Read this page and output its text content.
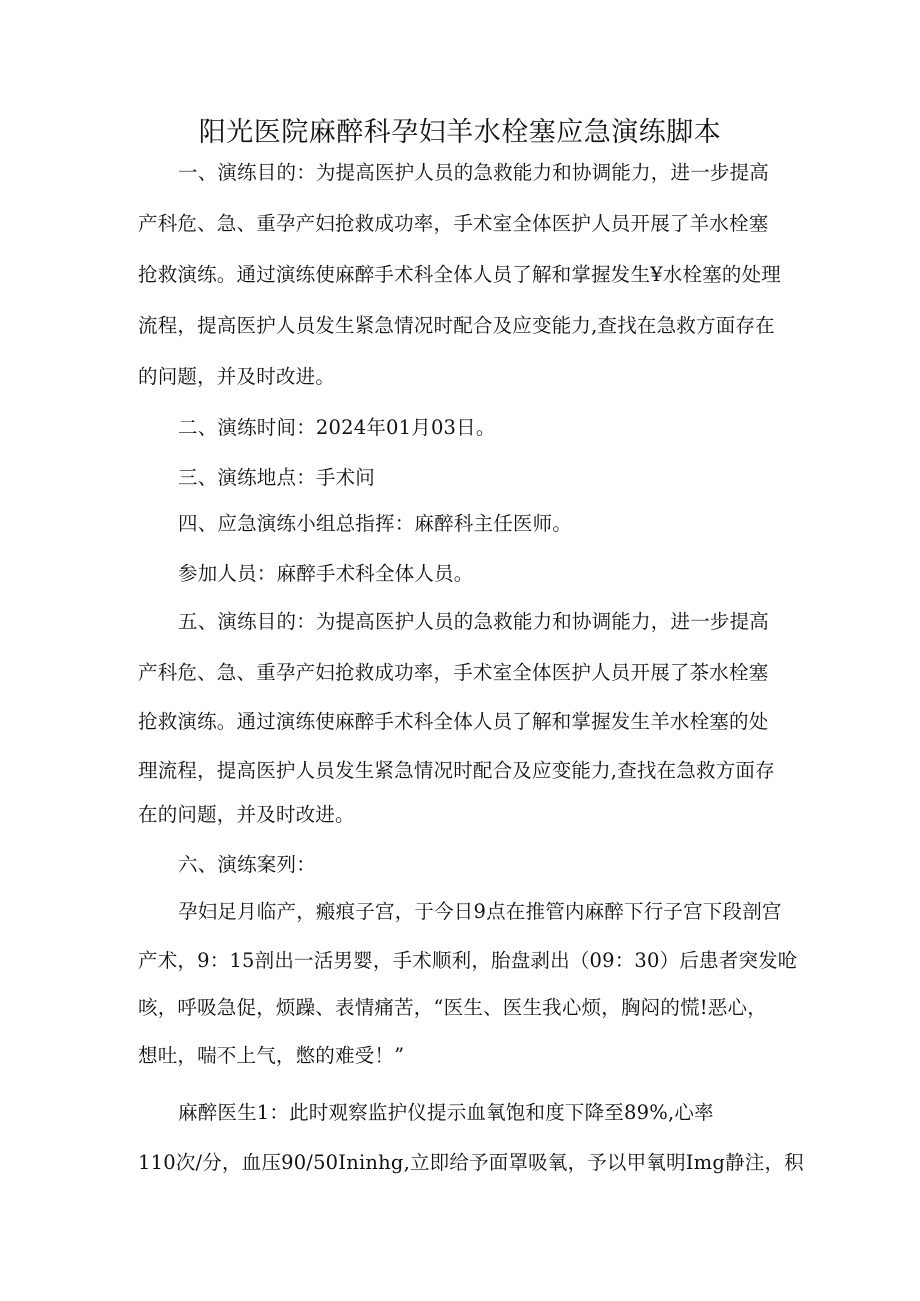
阳光医院麻醉科孕妇羊水栓塞应急演练脚本

一、演练目的：为提高医护人员的急救能力和协调能力，进一步提高

产科危、急、重孕产妇抢救成功率，手术室全体医护人员开展了羊水栓塞

抢救演练。通过演练使麻醉手术科全体人员了解和掌握发生¥水栓塞的处理

流程，提高医护人员发生紧急情况时配合及应变能力,查找在急救方面存在

的问题，并及时改进。

二、演练时间：2024年01月03日。

三、演练地点：手术问

四、应急演练小组总指挥：麻醉科主任医师。

参加人员：麻醉手术科全体人员。

五、演练目的：为提高医护人员的急救能力和协调能力，进一步提高

产科危、急、重孕产妇抢救成功率，手术室全体医护人员开展了茶水栓塞

抢救演练。通过演练使麻醉手术科全体人员了解和掌握发生羊水栓塞的处

理流程，提高医护人员发生紧急情况时配合及应变能力,查找在急救方面存

在的问题，并及时改进。

六、演练案列：

孕妇足月临产，瘢痕子宫，于今日9点在推管内麻醉下行子宫下段剖宫

产术，9：15剖出一活男婴，手术顺利，胎盘剥出（09：30）后患者突发呛

咳，呼吸急促，烦躁、表情痛苦，“医生、医生我心烦，胸闷的慌!恶心，

想吐，喘不上气，憋的难受！”

麻醉医生1：此时观察监护仪提示血氧饱和度下降至89%,心率

110次/分，血压90/50Ininhg,立即给予面罩吸氧，予以甲氧明Img静注，积
